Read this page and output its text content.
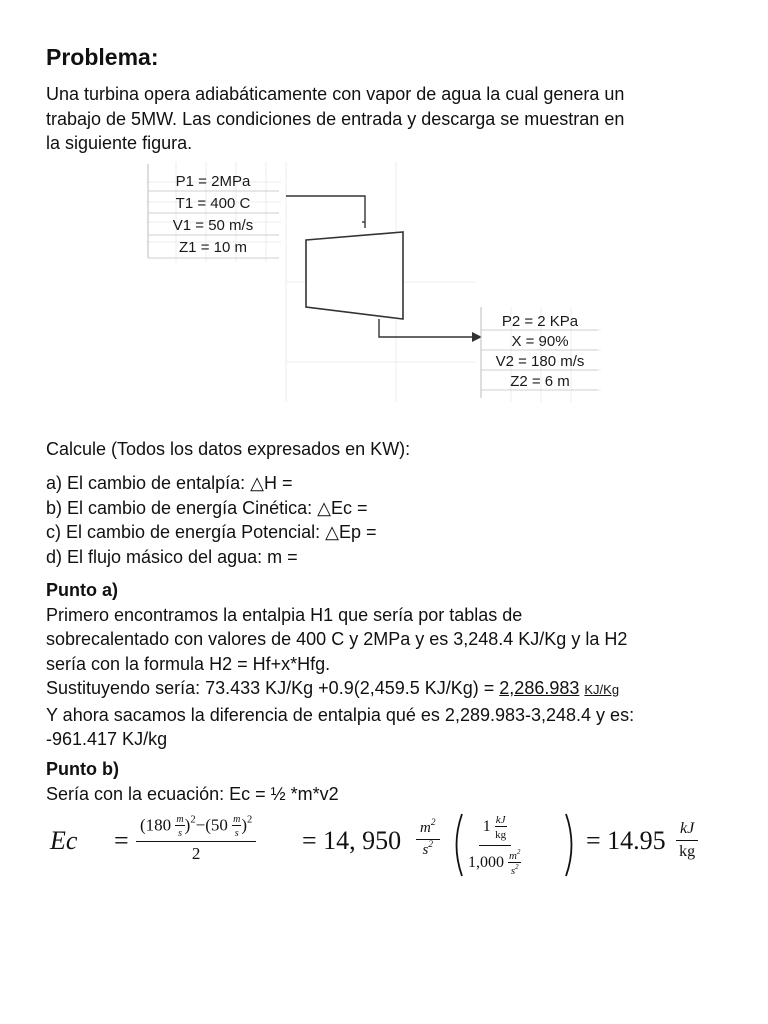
Problema:

Una turbina opera adiabáticamente con vapor de agua la cual genera un

trabajo de 5MW. Las condiciones de entrada y descarga se muestran en

la siguiente figura.

P1 = 2MPa
T1 = 400 C
V1 = 50 m/s
Z1 = 10 m
P2 = 2 KPa
X = 90%
V2 = 180 m/s
Z2 = 6 m

Calcule (Todos los datos expresados en KW):

a) El cambio de entalpía: △H =

b) El cambio de energía Cinética: △Ec =

c) El cambio de energía Potencial: △Ep =

d) El flujo másico del agua: m =

Punto a)

Primero encontramos la entalpia H1 que sería por tablas de

sobrecalentado con valores de 400 C y 2MPa y es 3,248.4 KJ/Kg y la H2

sería con la formula H2 = Hf+x*Hfg.

Sustituyendo sería: 73.433 KJ/Kg +0.9(2,459.5 KJ/Kg) = 2,286.983 KJ/Kg

Y ahora sacamos la diferencia de entalpia qué es 2,289.983-3,248.4 y es:

-961.417 KJ/kg

Punto b)

Sería con la ecuación: Ec = ½ *m*v2

$Ec = \frac{(180 \frac{m}{s} )^2-(50 \frac{m}{s} )^2}{2} = 14$, $950 \frac{m^2}{s^2}$	$1 \frac{kJ}{kg}$
$1,000 \frac{m^2}{s^2}$
= $14.95 \frac{kJ}{kg}$
